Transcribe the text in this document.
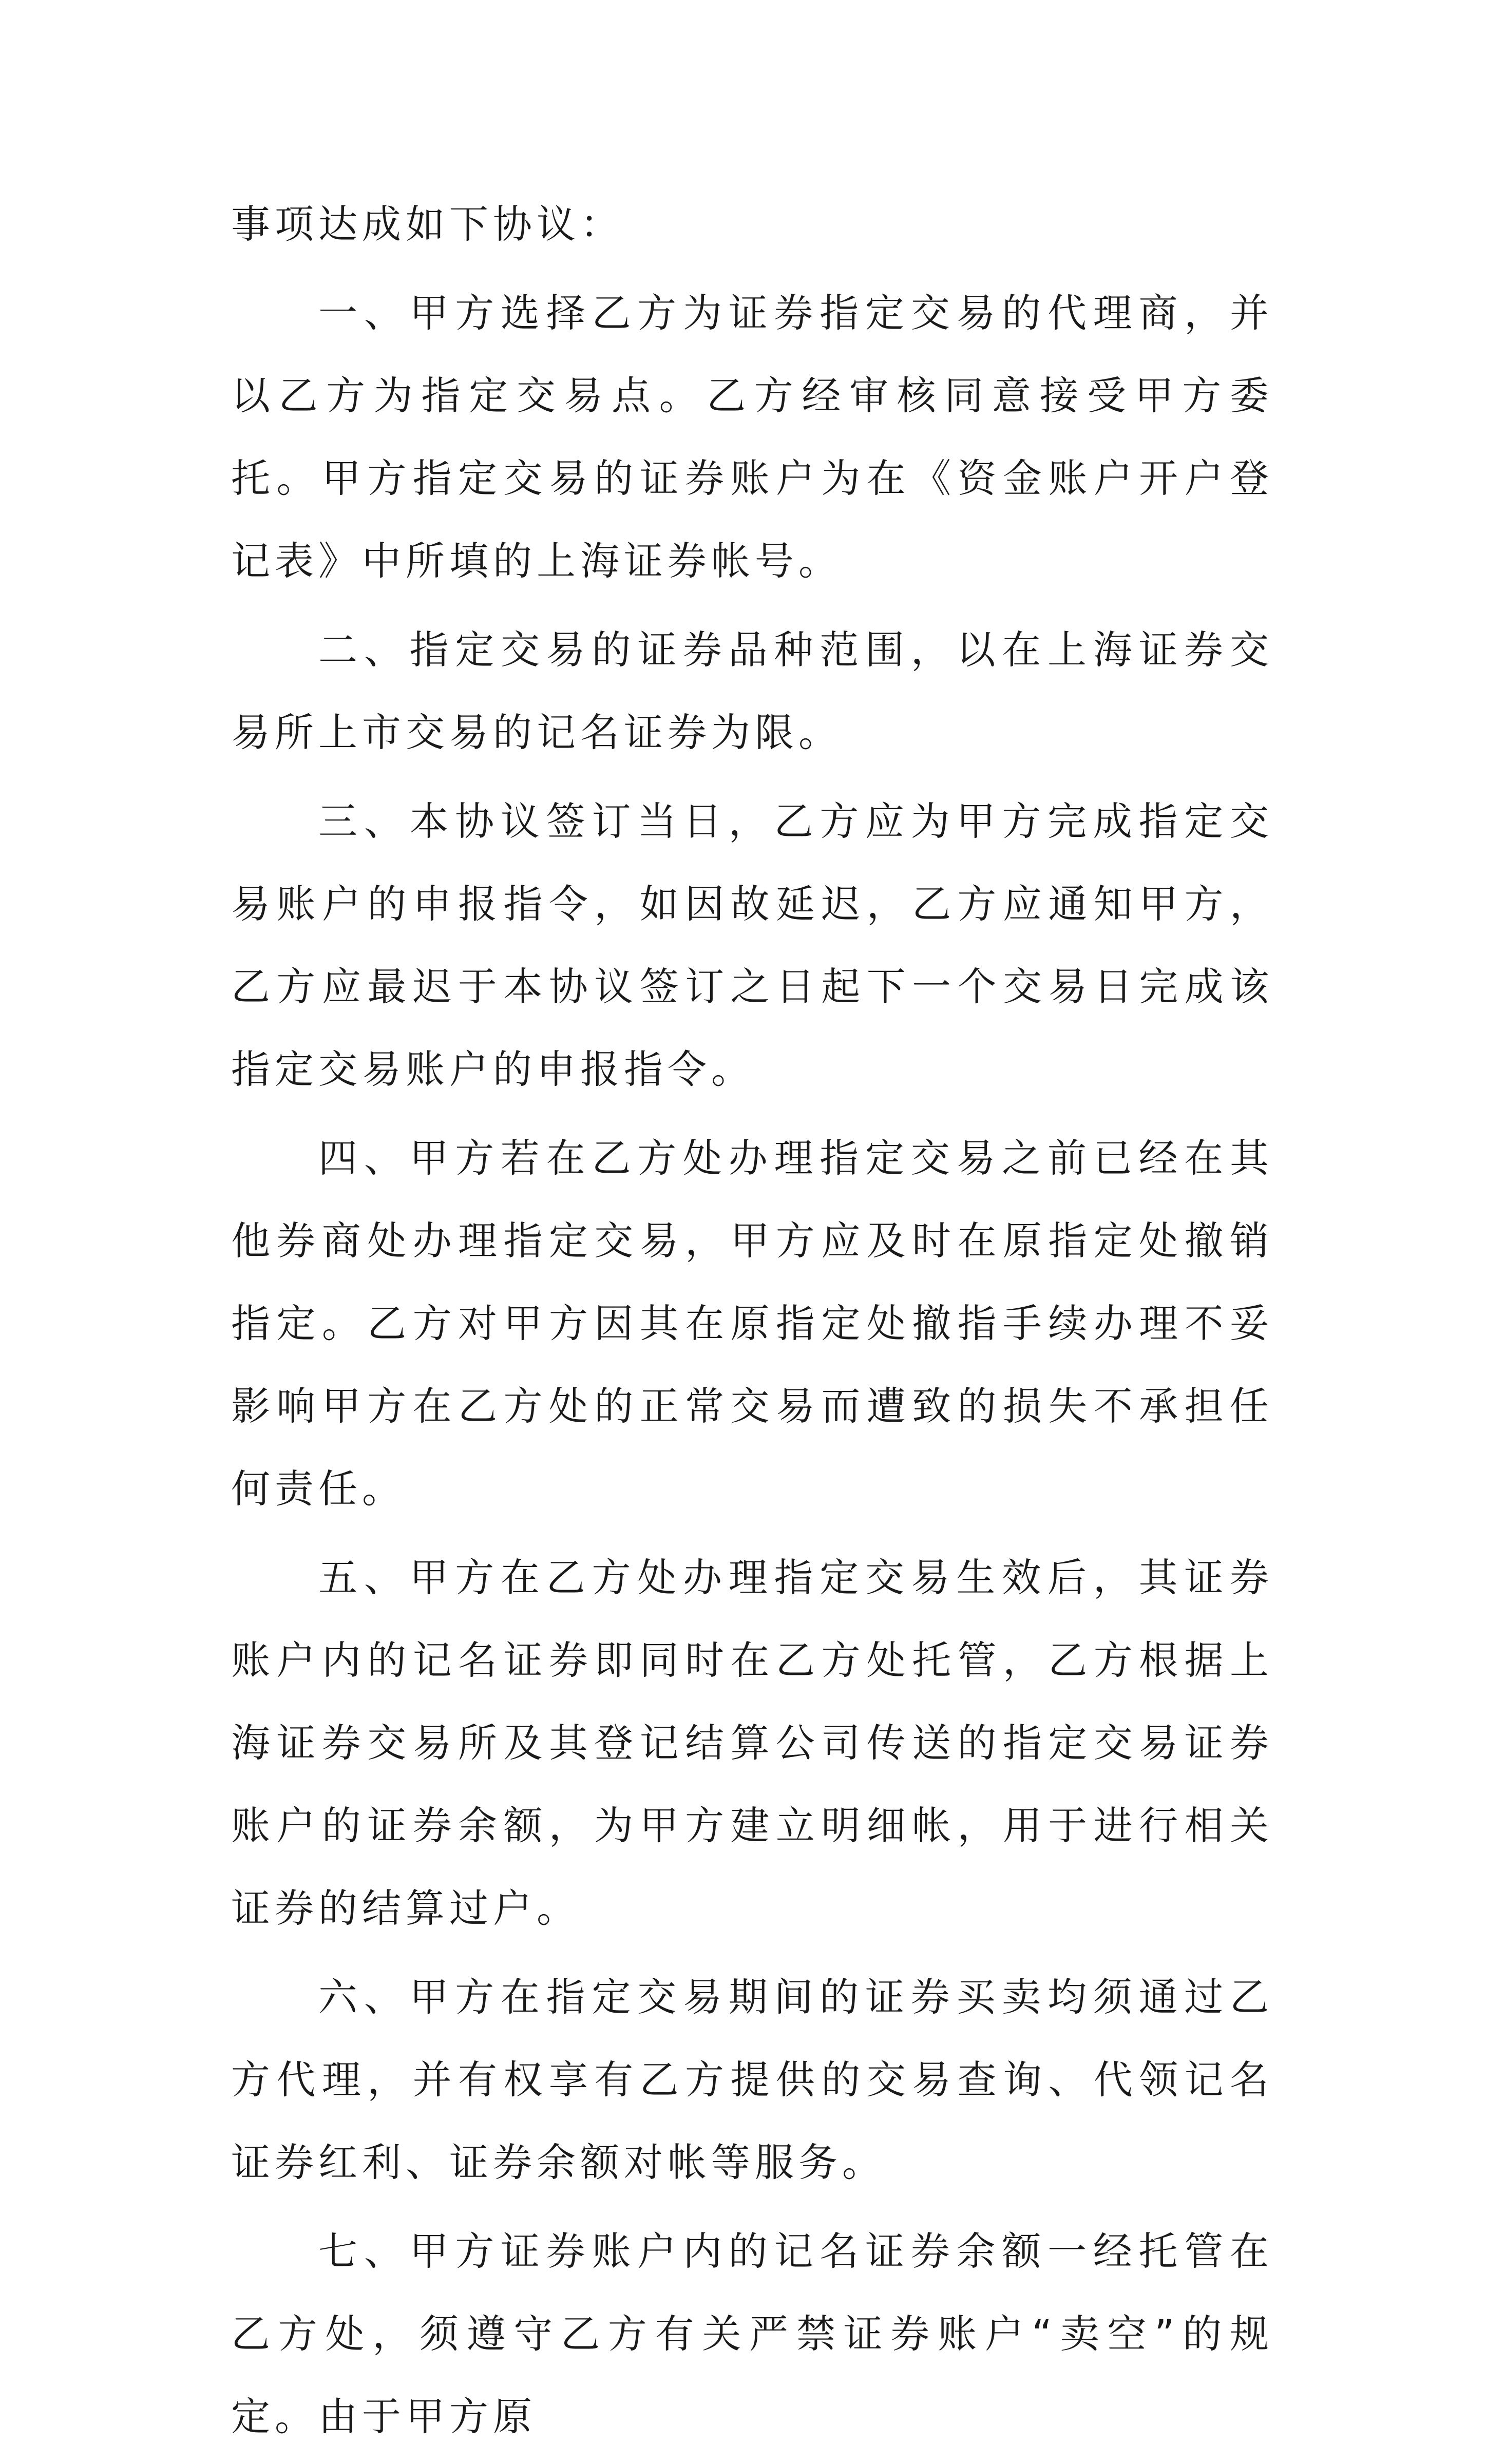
事项达成如下协议：

一、甲方选择乙方为证券指定交易的代理商，并以乙方为指定交易点。乙方经审核同意接受甲方委托。甲方指定交易的证券账户为在《资金账户开户登记表》中所填的上海证券帐号。

二、指定交易的证券品种范围，以在上海证券交易所上市交易的记名证券为限。

三、本协议签订当日，乙方应为甲方完成指定交易账户的申报指令，如因故延迟，乙方应通知甲方，乙方应最迟于本协议签订之日起下一个交易日完成该指定交易账户的申报指令。

四、甲方若在乙方处办理指定交易之前已经在其他券商处办理指定交易，甲方应及时在原指定处撤销指定。乙方对甲方因其在原指定处撤指手续办理不妥影响甲方在乙方处的正常交易而遭致的损失不承担任何责任。

五、甲方在乙方处办理指定交易生效后，其证券账户内的记名证券即同时在乙方处托管，乙方根据上海证券交易所及其登记结算公司传送的指定交易证券账户的证券余额，为甲方建立明细帐，用于进行相关证券的结算过户。

六、甲方在指定交易期间的证券买卖均须通过乙方代理，并有权享有乙方提供的交易查询、代领记名证券红利、证券余额对帐等服务。

七、甲方证券账户内的记名证券余额一经托管在乙方处，须遵守乙方有关严禁证券账户“卖空”的规定。由于甲方原
